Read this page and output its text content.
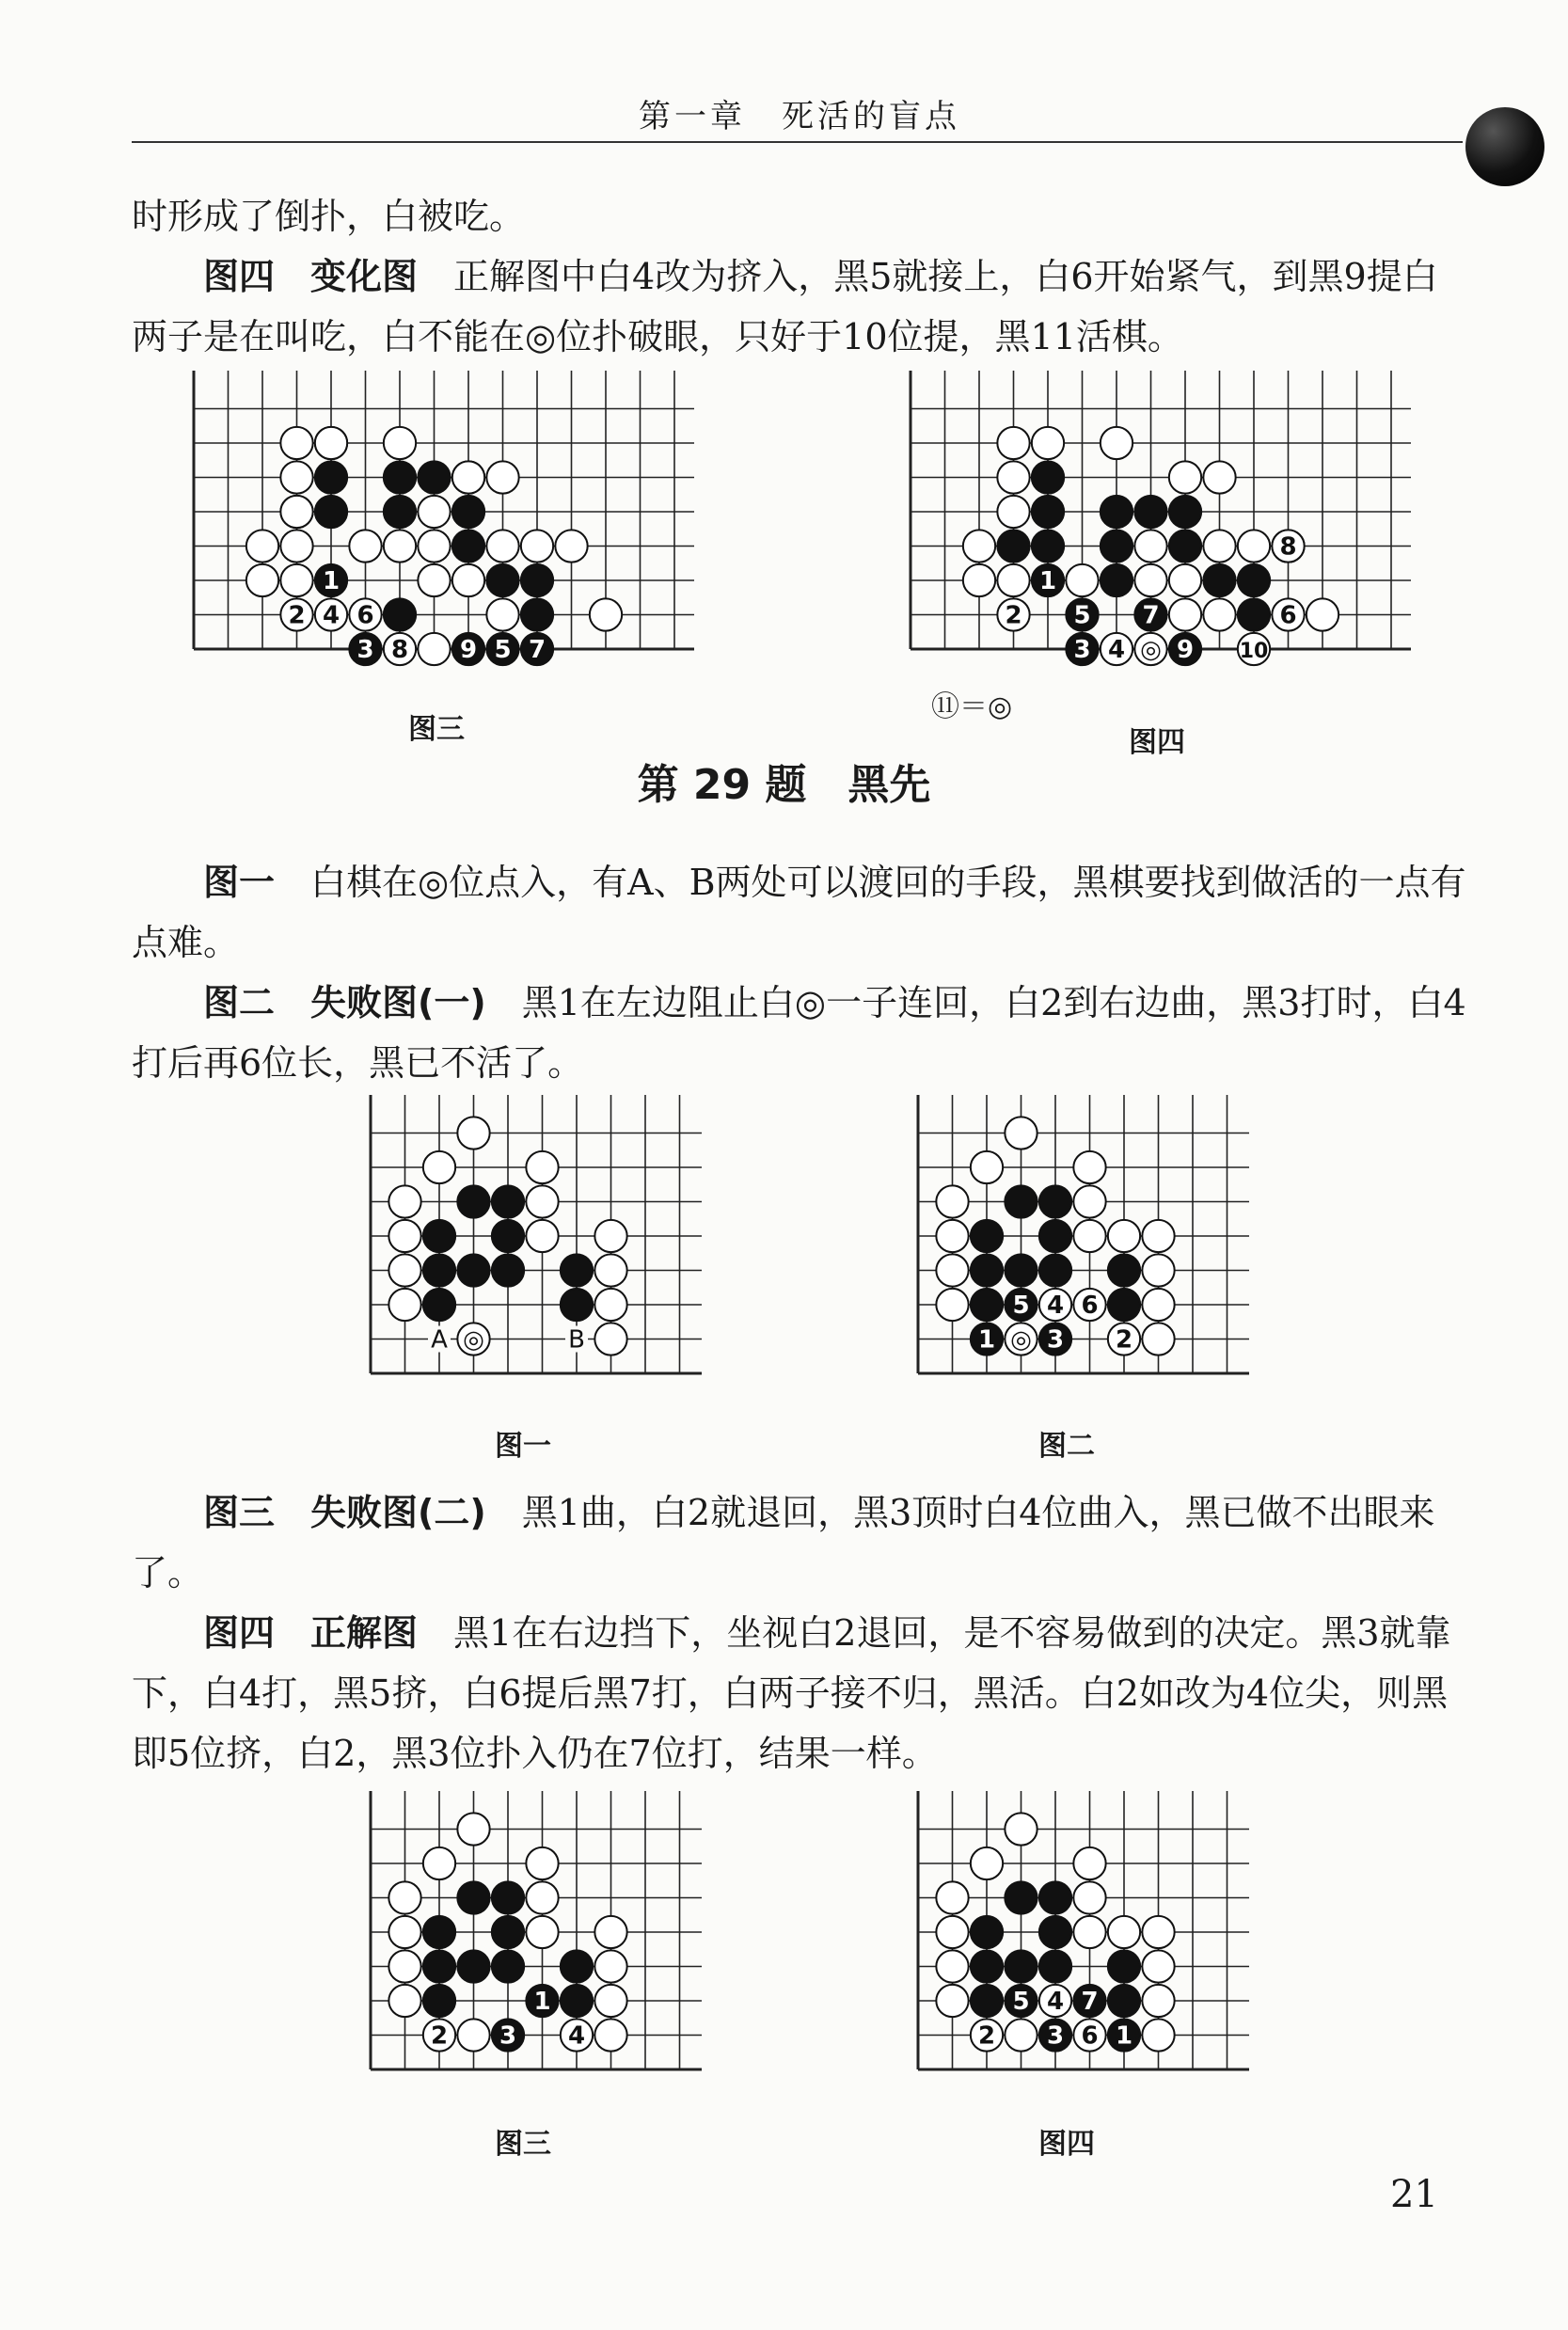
第一章　死活的盲点
时形成了倒扑，白被吃。
图四　变化图　正解图中白4改为挤入，黑5就接上，白6开始紧气，到黑9提白两子是在叫吃，白不能在◎位扑破眼，只好于10位提，黑11活棋。
1
2 4 6
3 8 9 5 7
1
2 5 7
8
6
3 4 ◎ 9 10
图三
⑪＝◎
图四
第 29 题　黑先
图一　白棋在◎位点入，有A、B两处可以渡回的手段，黑棋要找到做活的一点有点难。
图二　失败图(一)　黑1在左边阻止白◎一子连回，白2到右边曲，黑3打时，白4打后再6位长，黑已不活了。
A ◎	B
5 4 6
1 ◎ 3 2
图一	图二
图三　失败图(二)　黑1曲，白2就退回，黑3顶时白4位曲入，黑已做不出眼来了。
图四　正解图　黑1在右边挡下，坐视白2退回，是不容易做到的决定。黑3就靠下，白4打，黑5挤，白6提后黑7打，白两子接不归，黑活。白2如改为4位尖，则黑即5位挤，白2，黑3位扑入仍在7位打，结果一样。
1
2 3 4
5 4 7
2 3 6 1
图三	图四
21
